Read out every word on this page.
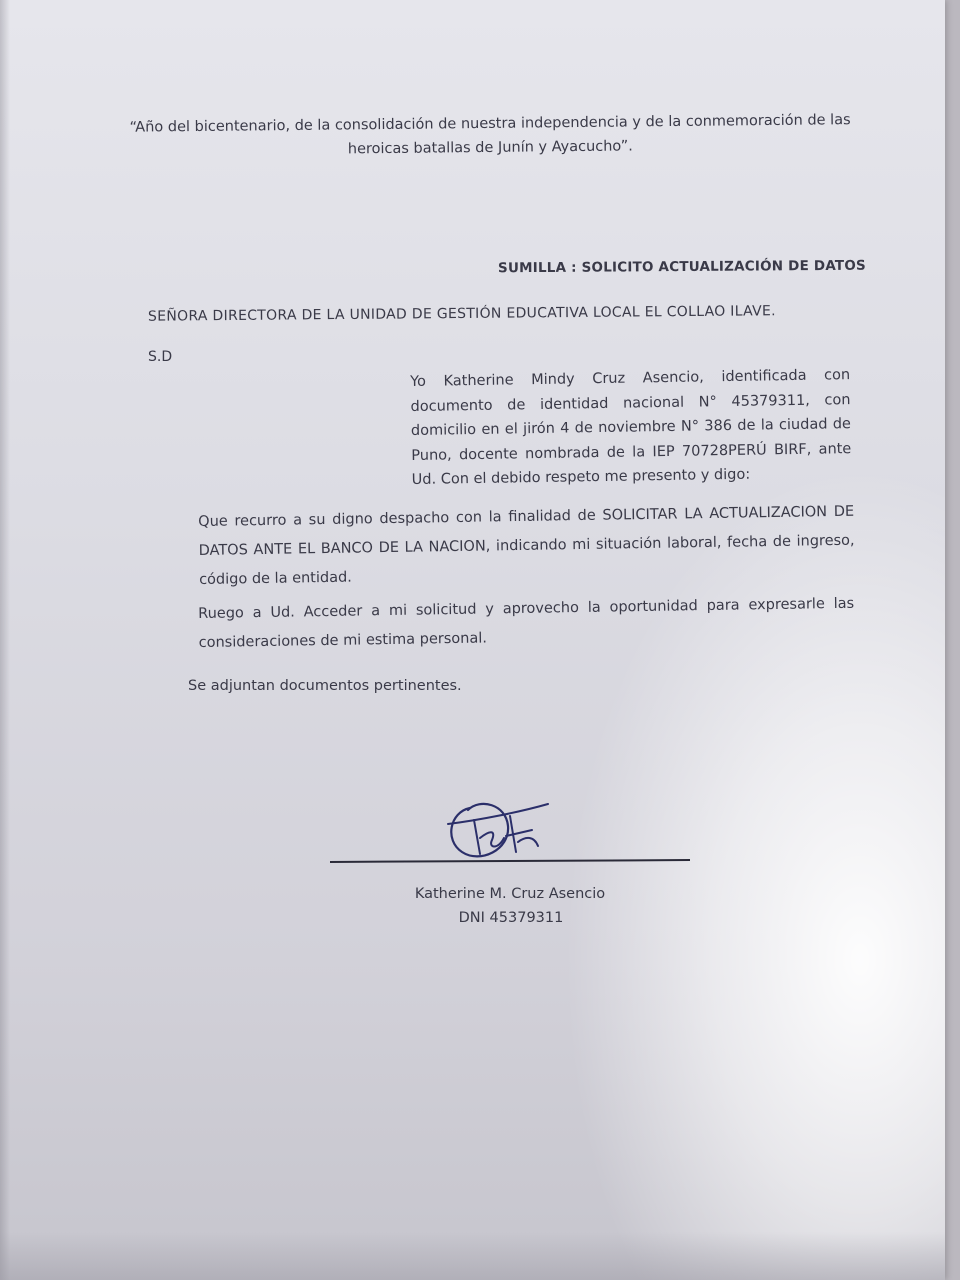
“Año del bicentenario, de la consolidación de nuestra independencia y de la conmemoración de las heroicas batallas de Junín y Ayacucho”.

SUMILLA : SOLICITO ACTUALIZACIÓN DE DATOS

SEÑORA DIRECTORA DE LA UNIDAD DE GESTIÓN EDUCATIVA LOCAL EL COLLAO ILAVE.

S.D

Yo Katherine Mindy Cruz Asencio, identificada con documento de identidad nacional N° 45379311, con domicilio en el jirón 4 de noviembre N° 386 de la ciudad de Puno, docente nombrada de la IEP 70728PERÚ BIRF, ante Ud. Con el debido respeto me presento y digo:

Que recurro a su digno despacho con la finalidad de SOLICITAR LA ACTUALIZACION DE DATOS ANTE EL BANCO DE LA NACION, indicando mi situación laboral, fecha de ingreso, código de la entidad.

Ruego a Ud. Acceder a mi solicitud y aprovecho la oportunidad para expresarle las consideraciones de mi estima personal.

Se adjuntan documentos pertinentes.

Katherine M. Cruz Asencio

DNI 45379311
